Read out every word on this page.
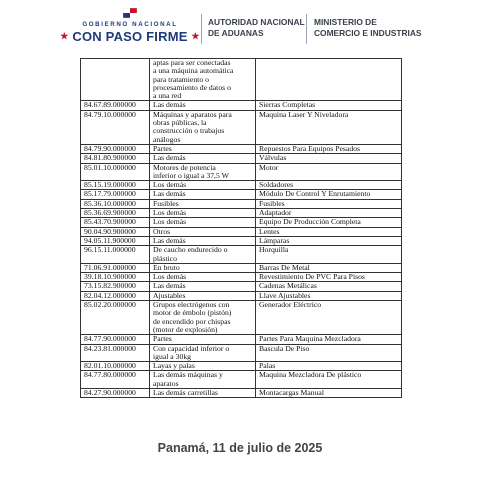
GOBIERNO NACIONAL
★ CON PASO FIRME ★
AUTORIDAD NACIONAL
DE ADUANAS
MINISTERIO DE
COMERCIO E INDUSTRIAS
	aptas para ser conectadas
a una máquina automática
para tratamiento o
procesamiento de datos o
a una red	
84.67.89.000000	Las demás	Sierras Completas
84.79.10.000000	Máquinas y aparatos para
obras públicas, la
construcción o trabajos
análogos	Maquina Laser Y Niveladora
84.79.90.000000	Partes	Repuestos Para Equipos Pesados
84.81.80.900000	Las demás	Válvulas
85.01.10.000000	Motores de potencia
inferior o igual a 37,5 W	Motor
85.15.19.000000	Los demás	Soldadores
85.17.79.000000	Las demás	Módulo De Control Y Enrutamiento
85.36.10.000000	Fusibles	Fusibles
85.36.69.900000	Los demás	Adaptador
85.43.70.900000	Los demás	Equipo De Producción Completa
90.04.90.900000	Otros	Lentes
94.05.11.900000	Las demás	Lámparas
96.15.11.000000	De caucho endurecido o
plástico	Horquilla
71.06.91.000000	En bruto	Barras De Metal
39.18.10.900000	Los demás	Revestimiento De PVC Para Pisos
73.15.82.900000	Las demás	Cadenas Metálicas
82.04.12.000000	Ajustables	Llave Ajustables
85.02.20.000000	Grupos electrógenos con
motor de émbolo (pistón)
de encendido por chispas
(motor de explosión)	Generador Eléctrico
84.77.90.000000	Partes	Partes Para Maquina Mezcladora
84.23.81.000000	Con capacidad inferior o
igual a 30kg	Bascula De Piso
82.01.10.000000	Layas y palas	Palas
84.77.80.000000	Las demás máquinas y
aparatos	Maquina Mezcladora De plástico
84.27.90.000000	Las demás carretillas	Montacargas Manual
Panamá, 11 de julio de 2025
